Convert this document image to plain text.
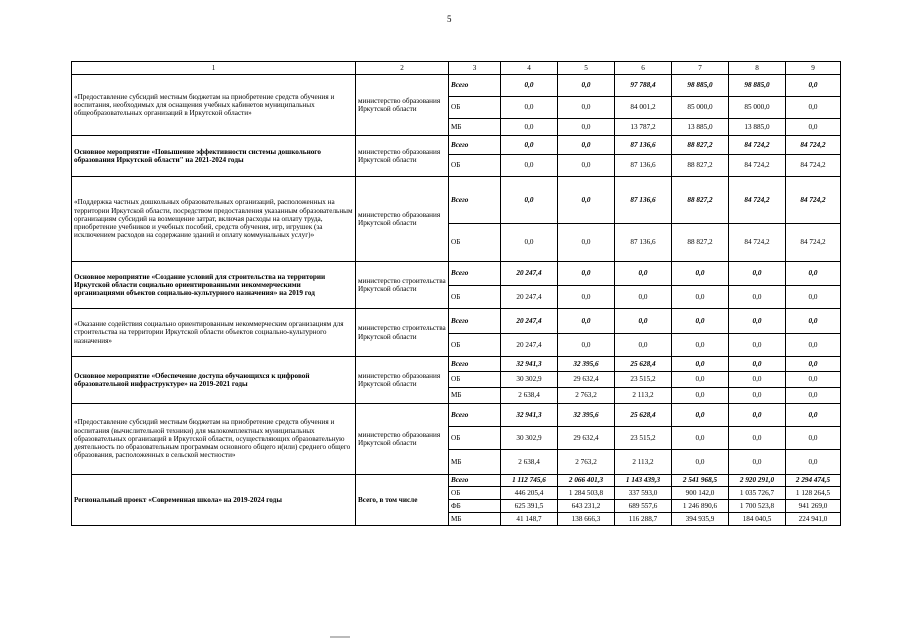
5
1	2	3	4	5	6	7	8	9
«Предоставление субсидий местным бюджетам на приобретение средств обучения и воспитания, необходимых для оснащения учебных кабинетов муниципальных общеобразовательных организаций в Иркутской области»	министерство образования Иркутской области	Всего	0,0	0,0	97 788,4	98 885,0	98 885,0	0,0
		ОБ	0,0	0,0	84 001,2	85 000,0	85 000,0	0,0
		МБ	0,0	0,0	13 787,2	13 885,0	13 885,0	0,0
Основное мероприятие «Повышение эффективности системы дошкольного образования Иркутской области" на 2021-2024 годы	министерство образования Иркутской области	Всего	0,0	0,0	87 136,6	88 827,2	84 724,2	84 724,2
		ОБ	0,0	0,0	87 136,6	88 827,2	84 724,2	84 724,2
«Поддержка частных дошкольных образовательных организаций, расположенных на территории Иркутской области, посредством предоставления указанным образовательным организациям субсидий на возмещение затрат, включая расходы на оплату труда, приобретение учебников и учебных пособий, средств обучения, игр, игрушек (за исключением расходов на содержание зданий и оплату коммунальных услуг)»	министерство образования Иркутской области	Всего	0,0	0,0	87 136,6	88 827,2	84 724,2	84 724,2
		ОБ	0,0	0,0	87 136,6	88 827,2	84 724,2	84 724,2
Основное мероприятие «Создание условий для строительства на территории Иркутской области социально ориентированными некоммерческими организациями объектов социально-культурного назначения» на 2019 год	министерство строительства Иркутской области	Всего	20 247,4	0,0	0,0	0,0	0,0	0,0
		ОБ	20 247,4	0,0	0,0	0,0	0,0	0,0
«Оказание содействия социально ориентированным некоммерческим организациям для строительства на территории Иркутской области объектов социально-культурного назначения»	министерство строительства Иркутской области	Всего	20 247,4	0,0	0,0	0,0	0,0	0,0
		ОБ	20 247,4	0,0	0,0	0,0	0,0	0,0
Основное мероприятие «Обеспечение доступа обучающихся к цифровой образовательной инфраструктуре» на 2019-2021 годы	министерство образования Иркутской области	Всего	32 941,3	32 395,6	25 628,4	0,0	0,0	0,0
		ОБ	30 302,9	29 632,4	23 515,2	0,0	0,0	0,0
		МБ	2 638,4	2 763,2	2 113,2	0,0	0,0	0,0
«Предоставление субсидий местным бюджетам на приобретение средств обучения и воспитания (вычислительной техники) для малокомплектных муниципальных образовательных организаций в Иркутской области, осуществляющих образовательную деятельность по образовательным программам основного общего и(или) среднего общего образования, расположенных в сельской местности»	министерство образования Иркутской области	Всего	32 941,3	32 395,6	25 628,4	0,0	0,0	0,0
		ОБ	30 302,9	29 632,4	23 515,2	0,0	0,0	0,0
		МБ	2 638,4	2 763,2	2 113,2	0,0	0,0	0,0
Региональный проект «Современная школа» на 2019-2024 годы	Всего, в том числе	Всего	1 112 745,6	2 066 401,3	1 143 439,3	2 541 968,5	2 920 291,0	2 294 474,5
		ОБ	446 205,4	1 284 503,8	337 593,0	900 142,0	1 035 726,7	1 128 264,5
		ФБ	625 391,5	643 231,2	689 557,6	1 246 890,6	1 700 523,8	941 269,0
		МБ	41 148,7	138 666,3	116 288,7	394 935,9	184 040,5	224 941,0
